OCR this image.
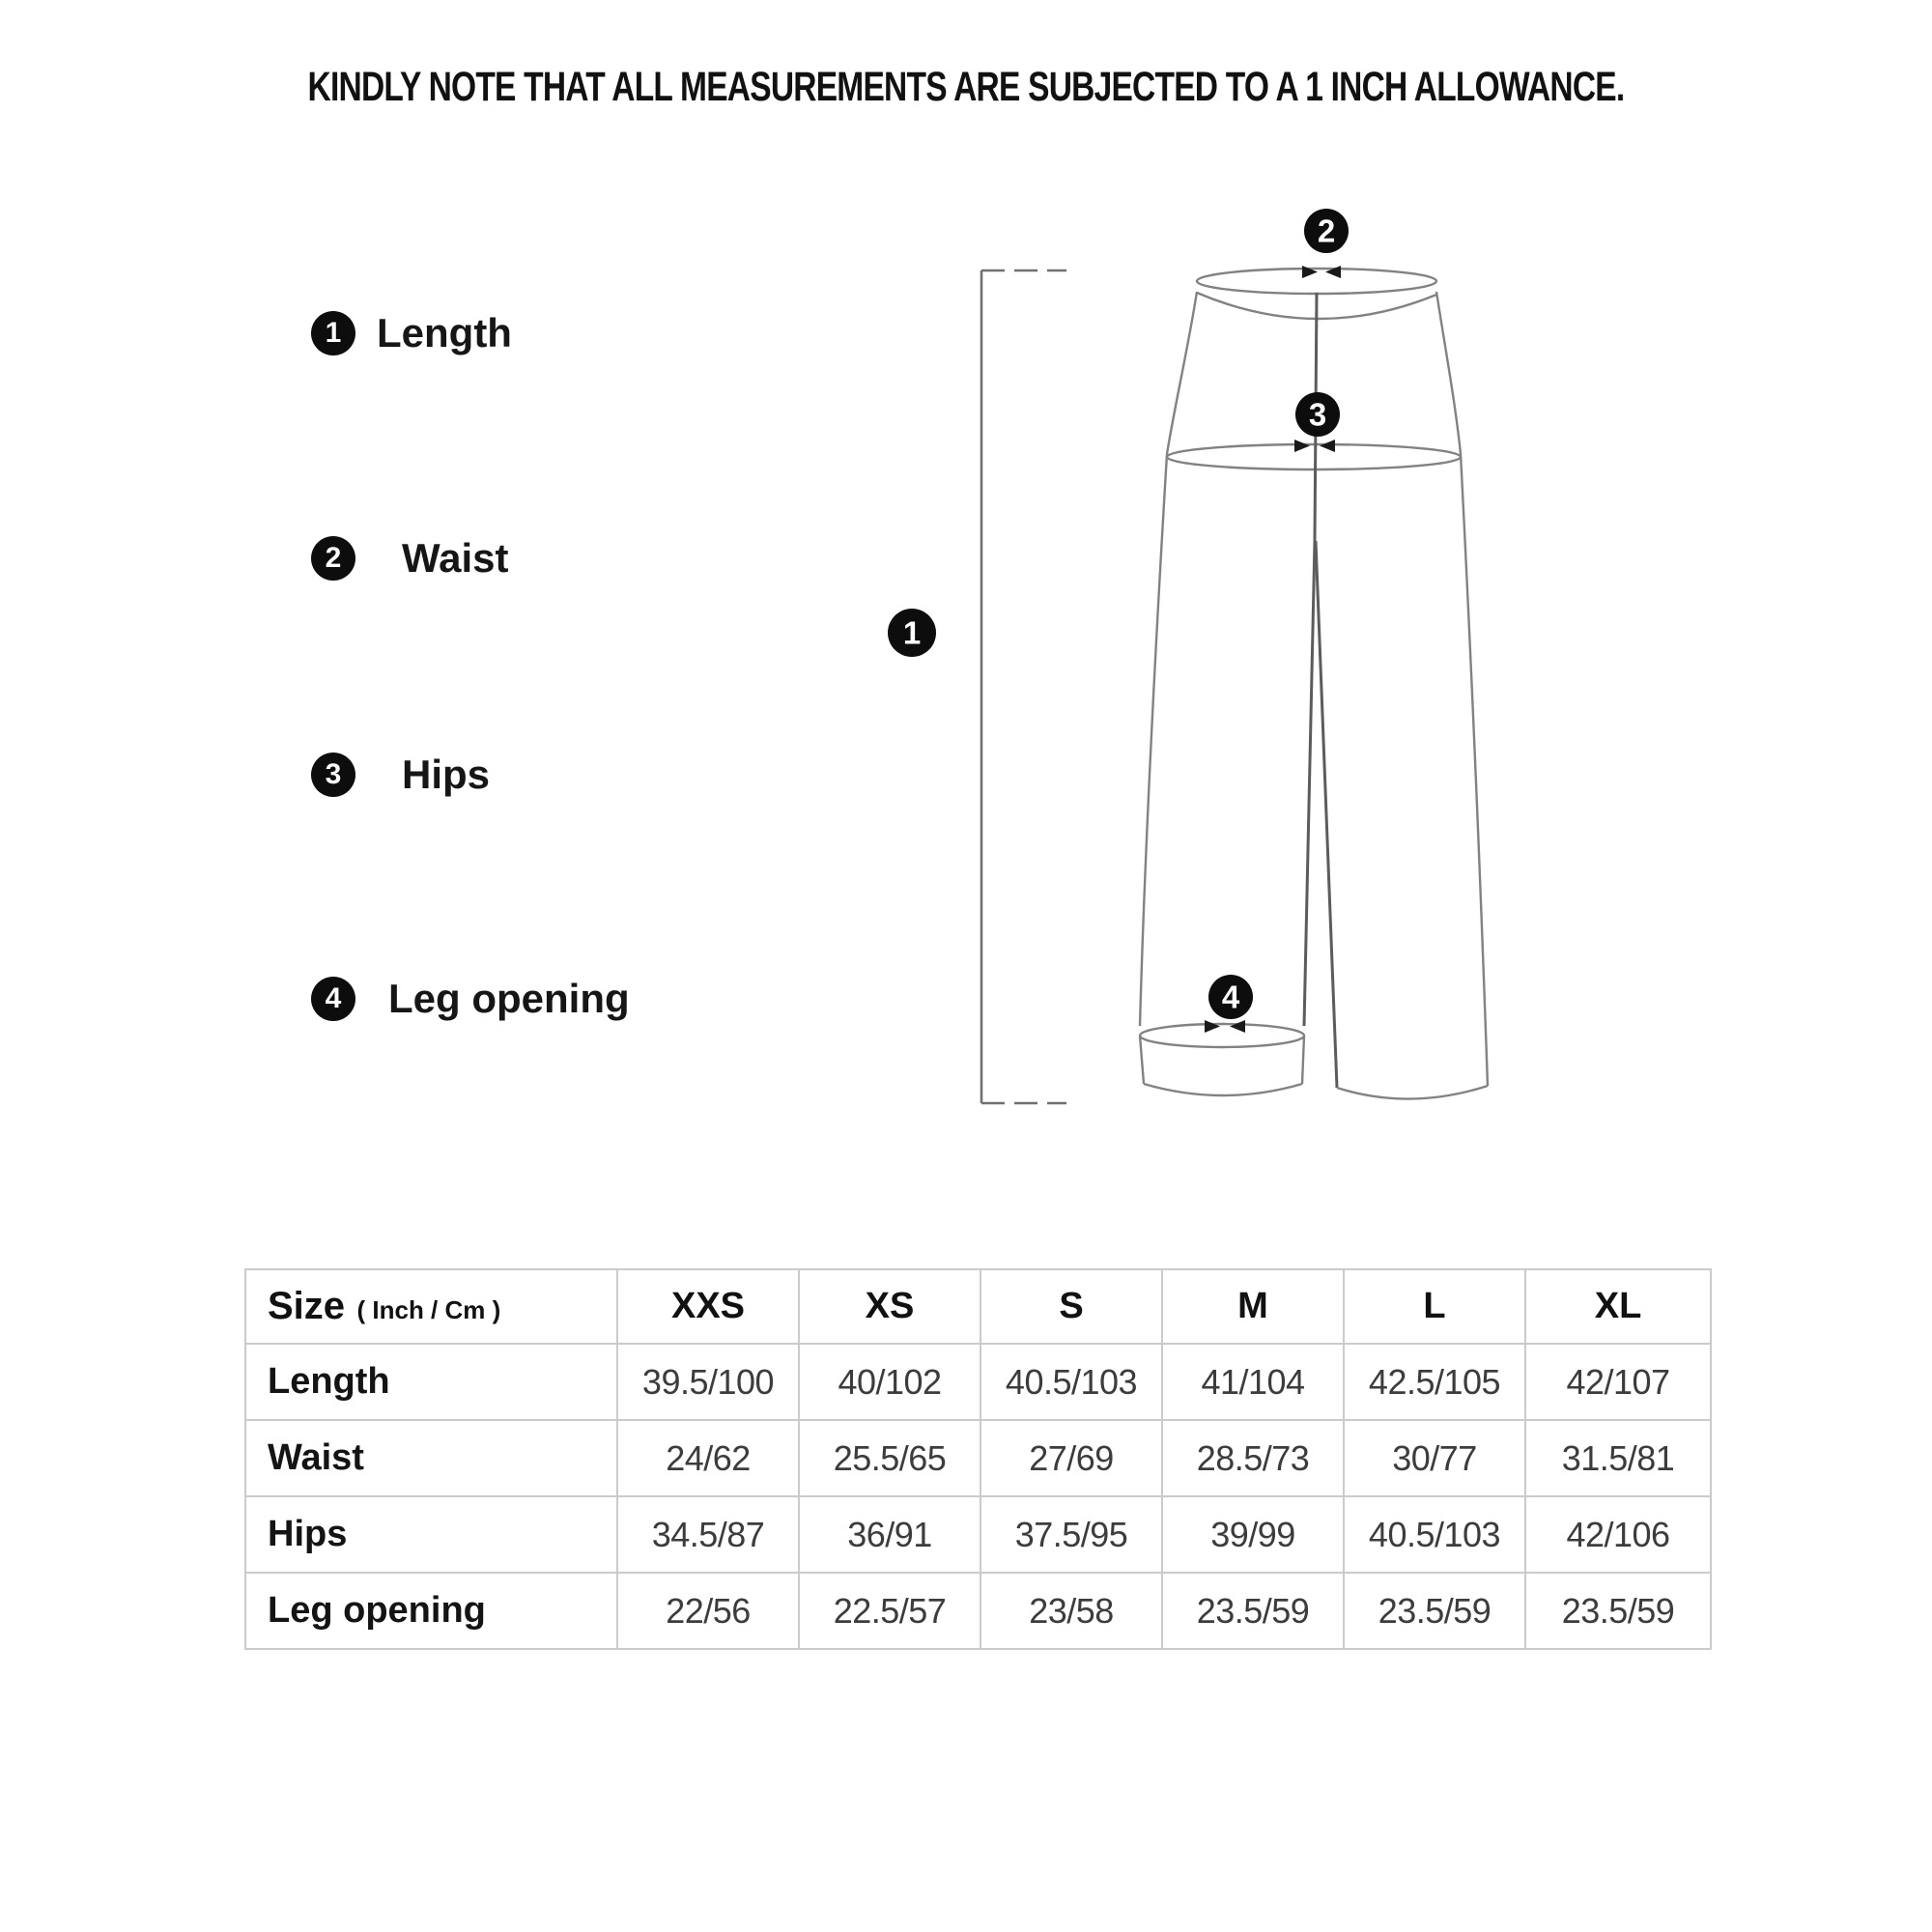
KINDLY NOTE THAT ALL MEASUREMENTS ARE SUBJECTED TO A 1 INCH ALLOWANCE.
1 Length
2	Waist
3	Hips
4	Leg opening
1
2
3
4
Size ( Inch / Cm )	XXS	XS	S	M	L	XL
Length	39.5/100	40/102	40.5/103	41/104	42.5/105	42/107
Waist	24/62	25.5/65	27/69	28.5/73	30/77	31.5/81
Hips	34.5/87	36/91	37.5/95	39/99	40.5/103	42/106
Leg opening	22/56	22.5/57	23/58	23.5/59	23.5/59	23.5/59
